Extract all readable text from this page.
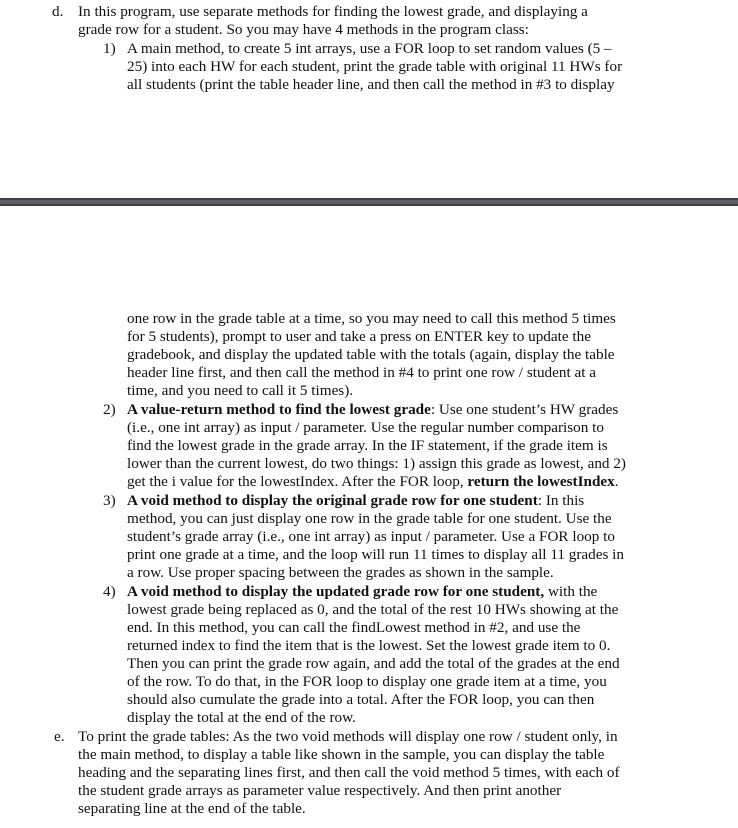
d. In this program, use separate methods for finding the lowest grade, and displaying a
grade row for a student. So you may have 4 methods in the program class:
1) A main method, to create 5 int arrays, use a FOR loop to set random values (5 –
25) into each HW for each student, print the grade table with original 11 HWs for
all students (print the table header line, and then call the method in #3 to display
one row in the grade table at a time, so you may need to call this method 5 times
for 5 students), prompt to user and take a press on ENTER key to update the
gradebook, and display the updated table with the totals (again, display the table
header line first, and then call the method in #4 to print one row / student at a
time, and you need to call it 5 times).
2) A value-return method to find the lowest grade: Use one student’s HW grades
(i.e., one int array) as input / parameter. Use the regular number comparison to
find the lowest grade in the grade array. In the IF statement, if the grade item is
lower than the current lowest, do two things: 1) assign this grade as lowest, and 2)
get the i value for the lowestIndex. After the FOR loop, return the lowestIndex.
3) A void method to display the original grade row for one student: In this
method, you can just display one row in the grade table for one student. Use the
student’s grade array (i.e., one int array) as input / parameter. Use a FOR loop to
print one grade at a time, and the loop will run 11 times to display all 11 grades in
a row. Use proper spacing between the grades as shown in the sample.
4) A void method to display the updated grade row for one student, with the
lowest grade being replaced as 0, and the total of the rest 10 HWs showing at the
end. In this method, you can call the findLowest method in #2, and use the
returned index to find the item that is the lowest. Set the lowest grade item to 0.
Then you can print the grade row again, and add the total of the grades at the end
of the row. To do that, in the FOR loop to display one grade item at a time, you
should also cumulate the grade into a total. After the FOR loop, you can then
display the total at the end of the row.
e. To print the grade tables: As the two void methods will display one row / student only, in
the main method, to display a table like shown in the sample, you can display the table
heading and the separating lines first, and then call the void method 5 times, with each of
the student grade arrays as parameter value respectively. And then print another
separating line at the end of the table.
